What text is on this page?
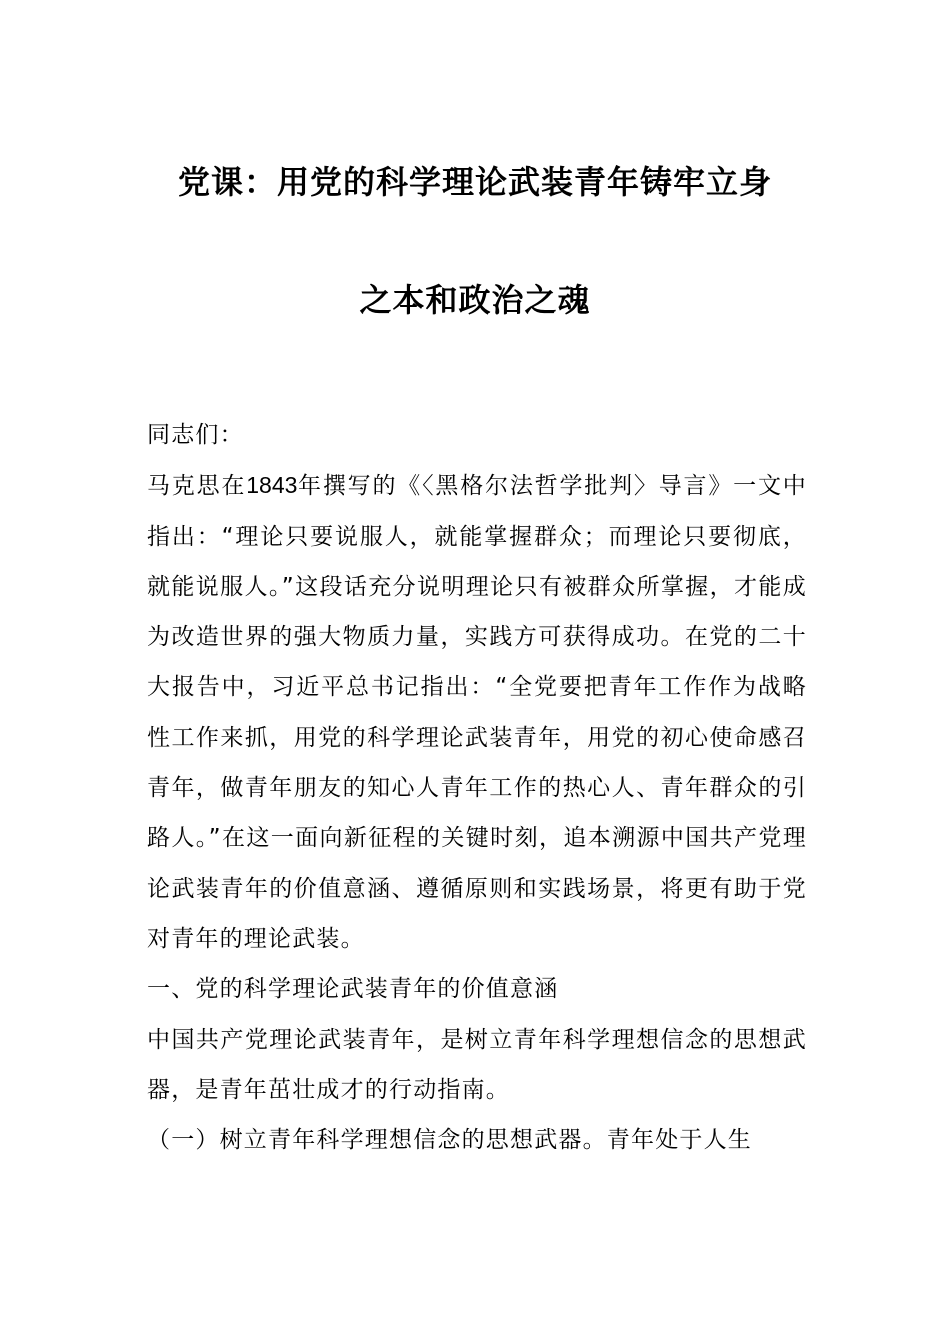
党课：用党的科学理论武装青年铸牢立身
之本和政治之魂

同志们：

马克思在1843年撰写的《〈黑格尔法哲学批判〉导言》一文中指出：“理论只要说服人，就能掌握群众；而理论只要彻底，就能说服人。”这段话充分说明理论只有被群众所掌握，才能成为改造世界的强大物质力量，实践方可获得成功。在党的二十大报告中，习近平总书记指出：“全党要把青年工作作为战略性工作来抓，用党的科学理论武装青年，用党的初心使命感召青年，做青年朋友的知心人青年工作的热心人、青年群众的引路人。”在这一面向新征程的关键时刻，追本溯源中国共产党理论武装青年的价值意涵、遵循原则和实践场景，将更有助于党对青年的理论武装。

一、党的科学理论武装青年的价值意涵

中国共产党理论武装青年，是树立青年科学理想信念的思想武器，是青年茁壮成才的行动指南。

（一）树立青年科学理想信念的思想武器。青年处于人生
